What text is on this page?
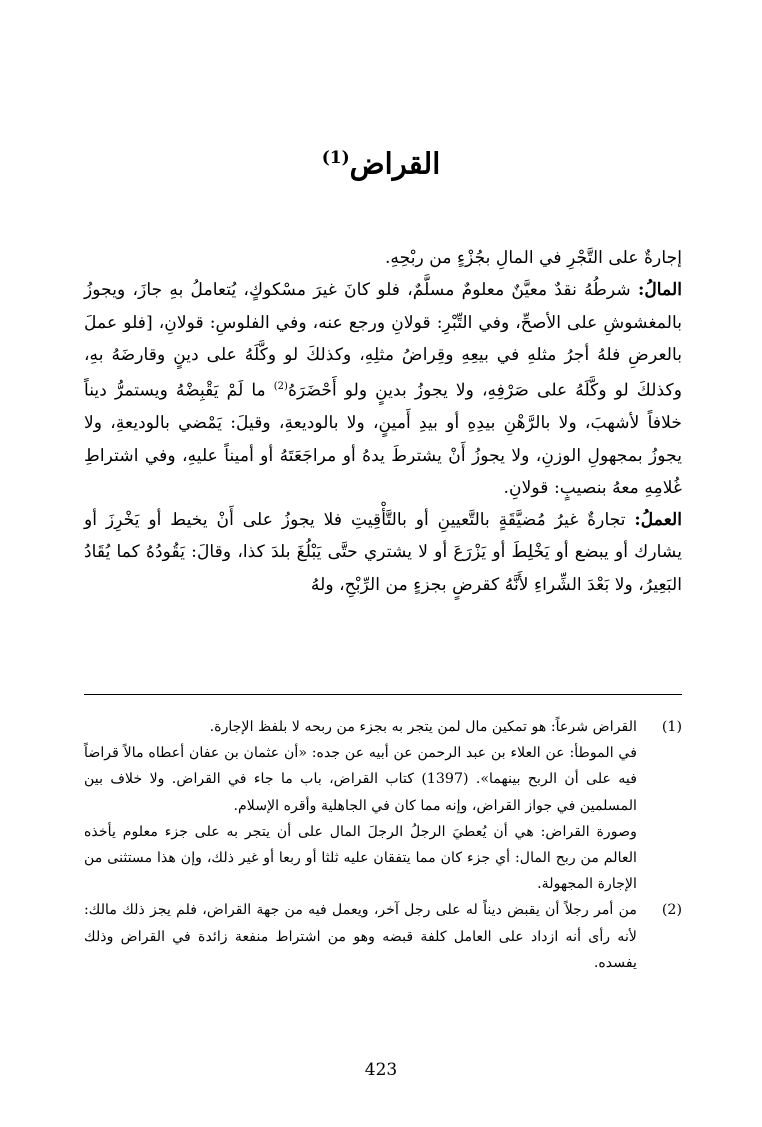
القراض$^{(1)}$

إجارةٌ على التَّجْرِ في المالِ بجُزْءٍ من ربْحِهِ.

المالُ: شرطُهُ نقدٌ معيَّنٌ معلومٌ مسلَّمٌ، فلو كانَ غيرَ مسْكوكٍ، يُتعاملُ بهِ جازَ، ويجوزُ بالمغشوشِ على الأصحِّ، وفي التِّبْرِ: قولانِ ورجع عنه، وفي الفلوسِ: قولانِ، [فلو عملَ بالعرضِ فلهُ أجرُ مثلهِ في بيعِهِ وقِراضُ مثلِهِ، وكذلكَ لو وكَّلَهُ على دينٍ وقارضَهُ بهِ، وكذلكَ لو وكَّلَهُ على صَرْفِهِ، ولا يجوزُ بدينٍ ولو أَحْضَرَهُ$^{(2)}$ ما لَمْ يَقْبِضْهُ ويستمرُّ ديناً خلافاً لأشهبَ، ولا بالرَّهْنِ بيدِهِ أو بيدِ أَمينٍ، ولا بالوديعةِ، وقيلَ: يَمْضي بالوديعةِ، ولا يجوزُ بمجهولِ الوزنِ، ولا يجوزُ أَنْ يشترطَ يدهُ أو مراجَعَتَهُ أو أميناً عليهِ، وفي اشتراطِ غُلامِهِ معهُ بنصيبٍ: قولانِ.

العملُ: تجارةٌ غيرُ مُضيَّقَةٍ بالتَّعيينِ أو بالتَّأْقِيتِ فلا يجوزُ على أَنْ يخيط أو يَخْرِزَ أو يشارك أو يبضع أو يَخْلِطَ أو يَزْرَعَ أو لا يشتري حتَّى يَبْلُغَ بلدَ كذا، وقالَ: يَقُودُهُ كما يُقَادُ البَعِيرُ، ولا بَعْدَ الشِّراءِ لأَنَّهُ كقرضٍ بجزءٍ من الرِّبْحِ، ولهُ

(1)

القراض شرعاً: هو تمكين مال لمن يتجر به بجزء من ربحه لا بلفظ الإجارة.

في الموطأ: عن العلاء بن عبد الرحمن عن أبيه عن جده: «أن عثمان بن عفان أعطاه مالاً قراضاً فيه على أن الربح بينهما». (1397) كتاب القراض، باب ما جاء في القراض. ولا خلاف بين المسلمين في جواز القراض، وإنه مما كان في الجاهلية وأقره الإسلام.

وصورة القراض: هي أن يُعطيَ الرجلُ الرجلَ المال على أن يتجر به على جزء معلوم يأخذه العالم من ربح المال: أي جزء كان مما يتفقان عليه ثلثا أو ربعا أو غير ذلك، وإن هذا مستثنى من الإجارة المجهولة.

(2)

من أمر رجلاً أن يقبض ديناً له على رجل آخر، ويعمل فيه من جهة القراض، فلم يجز ذلك مالك: لأنه رأى أنه ازداد على العامل كلفة قبضه وهو من اشتراط منفعة زائدة في القراض وذلك يفسده.

423
